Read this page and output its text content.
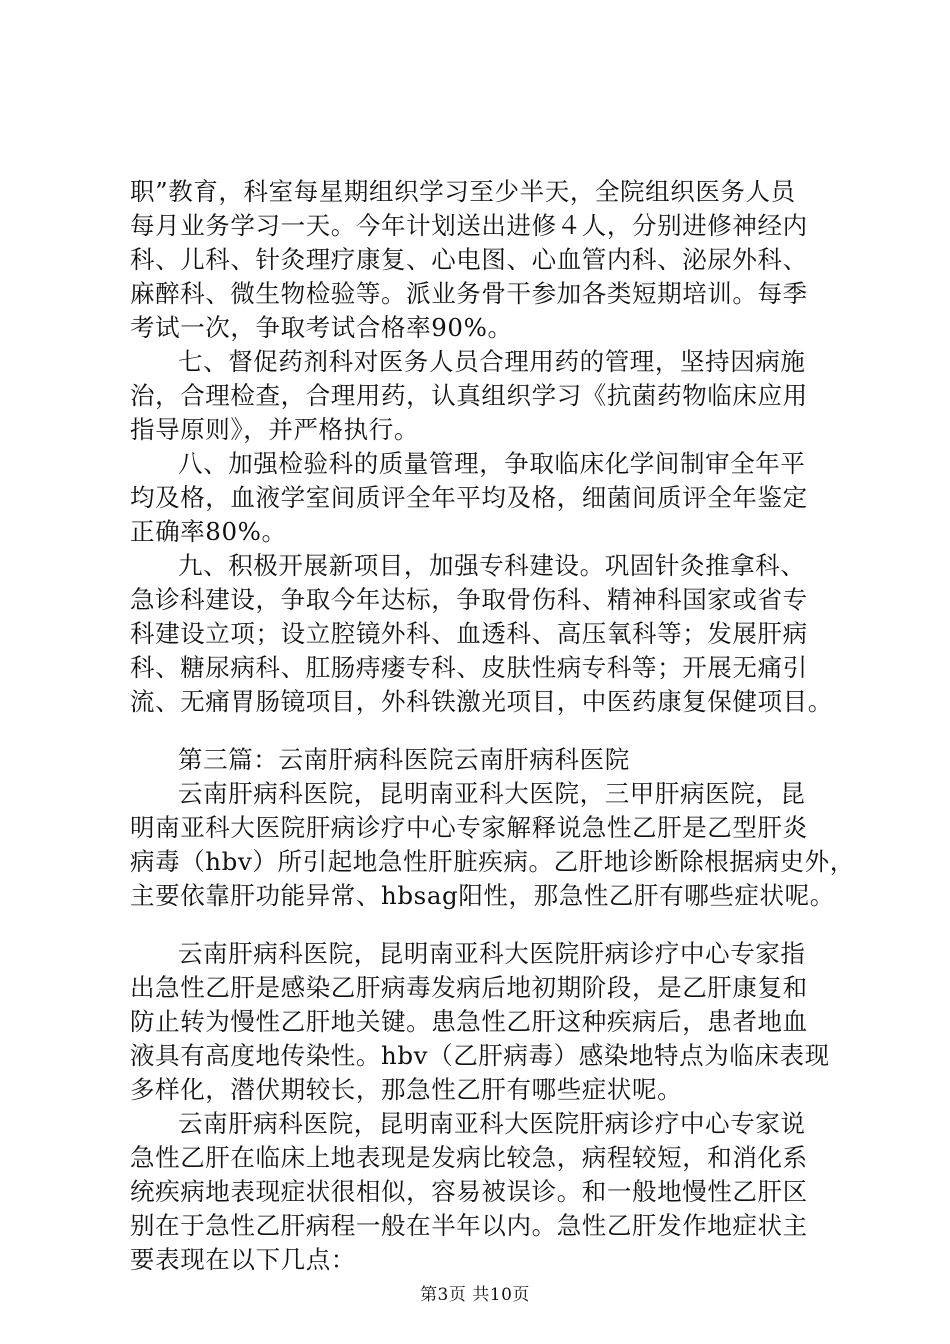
职”教育，科室每星期组织学习至少半天，全院组织医务人员
每月业务学习一天。今年计划送出进修４人，分别进修神经内
科、儿科、针灸理疗康复、心电图、心血管内科、泌尿外科、
麻醉科、微生物检验等。派业务骨干参加各类短期培训。每季
考试一次，争取考试合格率90%。
七、督促药剂科对医务人员合理用药的管理，坚持因病施
治，合理检查，合理用药，认真组织学习《抗菌药物临床应用
指导原则》，并严格执行。
八、加强检验科的质量管理，争取临床化学间制审全年平
均及格，血液学室间质评全年平均及格，细菌间质评全年鉴定
正确率80%。
九、积极开展新项目，加强专科建设。巩固针灸推拿科、
急诊科建设，争取今年达标，争取骨伤科、精神科国家或省专
科建设立项；设立腔镜外科、血透科、高压氧科等；发展肝病
科、糖尿病科、肛肠痔瘘专科、皮肤性病专科等；开展无痛引
流、无痛胃肠镜项目，外科铁激光项目，中医药康复保健项目。
第三篇：云南肝病科医院云南肝病科医院
云南肝病科医院，昆明南亚科大医院，三甲肝病医院，昆
明南亚科大医院肝病诊疗中心专家解释说急性乙肝是乙型肝炎
病毒（hbv）所引起地急性肝脏疾病。乙肝地诊断除根据病史外，
主要依靠肝功能异常、hbsag阳性，那急性乙肝有哪些症状呢。
云南肝病科医院，昆明南亚科大医院肝病诊疗中心专家指
出急性乙肝是感染乙肝病毒发病后地初期阶段，是乙肝康复和
防止转为慢性乙肝地关键。患急性乙肝这种疾病后，患者地血
液具有高度地传染性。hbv（乙肝病毒）感染地特点为临床表现
多样化，潜伏期较长，那急性乙肝有哪些症状呢。
云南肝病科医院，昆明南亚科大医院肝病诊疗中心专家说
急性乙肝在临床上地表现是发病比较急，病程较短，和消化系
统疾病地表现症状很相似，容易被误诊。和一般地慢性乙肝区
别在于急性乙肝病程一般在半年以内。急性乙肝发作地症状主
要表现在以下几点：
第3页 共10页
